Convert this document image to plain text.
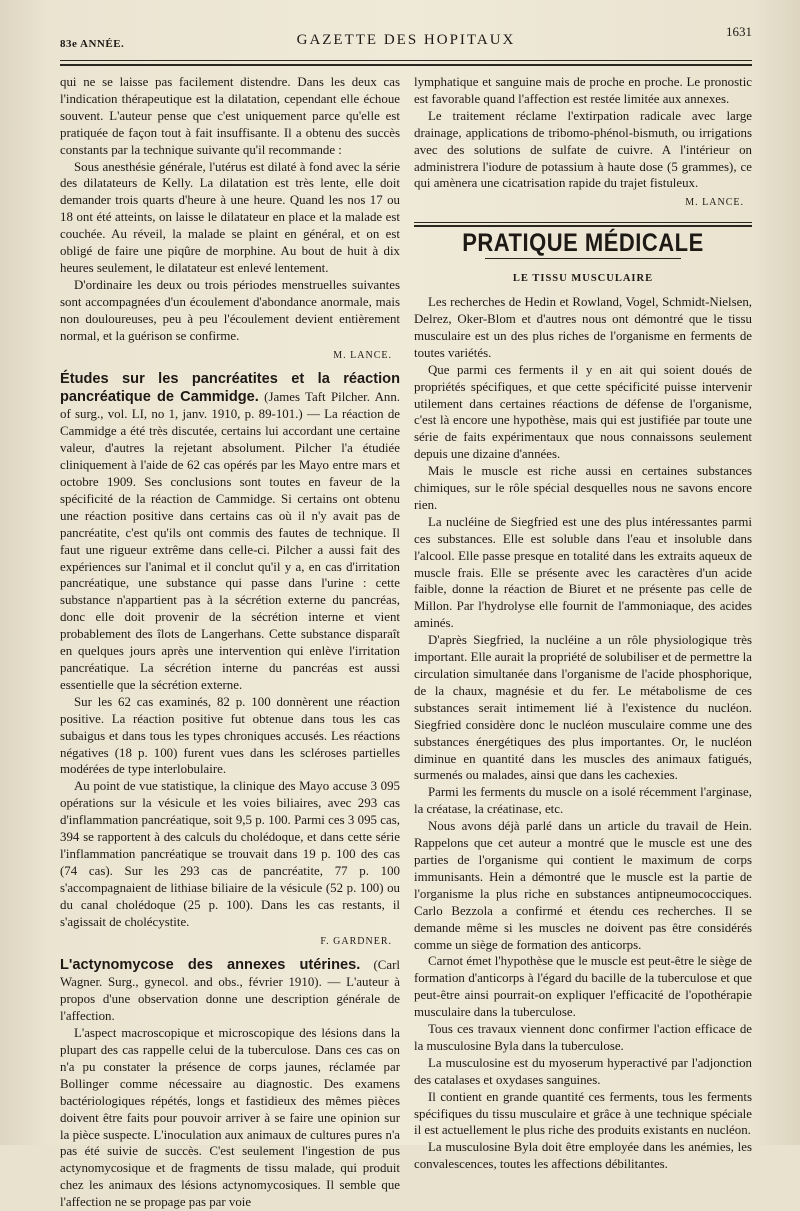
83e ANNÉE.	GAZETTE DES HOPITAUX
1631

qui ne se laisse pas facilement distendre. Dans les deux cas l'indication thérapeutique est la dilatation, cependant elle échoue souvent. L'auteur pense que c'est uniquement parce qu'elle est pratiquée de façon tout à fait insuffisante. Il a obtenu des succès constants par la technique suivante qu'il recommande :

Sous anesthésie générale, l'utérus est dilaté à fond avec la série des dilatateurs de Kelly. La dilatation est très lente, elle doit demander trois quarts d'heure à une heure. Quand les nos 17 ou 18 ont été atteints, on laisse le dilatateur en place et la malade est couchée. Au réveil, la malade se plaint en général, et on est obligé de faire une piqûre de morphine. Au bout de huit à dix heures seulement, le dilatateur est enlevé lentement.

D'ordinaire les deux ou trois périodes menstruelles suivantes sont accompagnées d'un écoulement d'abondance anormale, mais non douloureuses, peu à peu l'écoulement devient entièrement normal, et la guérison se confirme.

M. LANCE.

Études sur les pancréatites et la réaction pancréatique de Cammidge. (James Taft Pilcher. Ann. of surg., vol. LI, no 1, janv. 1910, p. 89-101.) — La réaction de Cammidge a été très discutée, certains lui accordant une certaine valeur, d'autres la rejetant absolument. Pilcher l'a étudiée cliniquement à l'aide de 62 cas opérés par les Mayo entre mars et octobre 1909. Ses conclusions sont toutes en faveur de la spécificité de la réaction de Cammidge. Si certains ont obtenu une réaction positive dans certains cas où il n'y avait pas de pancréatite, c'est qu'ils ont commis des fautes de technique. Il faut une rigueur extrême dans celle-ci. Pilcher a aussi fait des expériences sur l'animal et il conclut qu'il y a, en cas d'irritation pancréatique, une substance qui passe dans l'urine : cette substance n'appartient pas à la sécrétion externe du pancréas, donc elle doit provenir de la sécrétion interne et vient probablement des îlots de Langerhans. Cette substance disparaît en quelques jours après une intervention qui enlève l'irritation pancréatique. La sécrétion interne du pancréas est aussi essentielle que la sécrétion externe.

Sur les 62 cas examinés, 82 p. 100 donnèrent une réaction positive. La réaction positive fut obtenue dans tous les cas subaigus et dans tous les types chroniques accusés. Les réactions négatives (18 p. 100) furent vues dans les scléroses partielles modérées de type interlobulaire.

Au point de vue statistique, la clinique des Mayo accuse 3 095 opérations sur la vésicule et les voies biliaires, avec 293 cas d'inflammation pancréatique, soit 9,5 p. 100. Parmi ces 3 095 cas, 394 se rapportent à des calculs du cholédoque, et dans cette série l'inflammation pancréatique se trouvait dans 19 p. 100 des cas (74 cas). Sur les 293 cas de pancréatite, 77 p. 100 s'accompagnaient de lithiase biliaire de la vésicule (52 p. 100) ou du canal cholédoque (25 p. 100). Dans les cas restants, il s'agissait de cholécystite.

F. GARDNER.

L'actynomycose des annexes utérines. (Carl Wagner. Surg., gynecol. and obs., février 1910). — L'auteur à propos d'une observation donne une description générale de l'affection.

L'aspect macroscopique et microscopique des lésions dans la plupart des cas rappelle celui de la tuberculose. Dans ces cas on n'a pu constater la présence de corps jaunes, réclamée par Bollinger comme nécessaire au diagnostic. Des examens bactériologiques répétés, longs et fastidieux des mêmes pièces doivent être faits pour pouvoir arriver à se faire une opinion sur la pièce suspecte. L'inoculation aux animaux de cultures pures n'a pas été suivie de succès. C'est seulement l'ingestion de pus actynomycosique et de fragments de tissu malade, qui produit chez les animaux des lésions actynomycosiques. Il semble que l'affection ne se propage pas par voie

lymphatique et sanguine mais de proche en proche. Le pronostic est favorable quand l'affection est restée limitée aux annexes.

Le traitement réclame l'extirpation radicale avec large drainage, applications de tribomo-phénol-bismuth, ou irrigations avec des solutions de sulfate de cuivre. A l'intérieur on administrera l'iodure de potassium à haute dose (5 grammes), ce qui amènera une cicatrisation rapide du trajet fistuleux.

M. LANCE.

PRATIQUE MÉDICALE
LE TISSU MUSCULAIRE

Les recherches de Hedin et Rowland, Vogel, Schmidt-Nielsen, Delrez, Oker-Blom et d'autres nous ont démontré que le tissu musculaire est un des plus riches de l'organisme en ferments de toutes variétés.

Que parmi ces ferments il y en ait qui soient doués de propriétés spécifiques, et que cette spécificité puisse intervenir utilement dans certaines réactions de défense de l'organisme, c'est là encore une hypothèse, mais qui est justifiée par toute une série de faits expérimentaux que nous connaissons seulement depuis une dizaine d'années.

Mais le muscle est riche aussi en certaines substances chimiques, sur le rôle spécial desquelles nous ne savons encore rien.

La nucléine de Siegfried est une des plus intéressantes parmi ces substances. Elle est soluble dans l'eau et insoluble dans l'alcool. Elle passe presque en totalité dans les extraits aqueux de muscle frais. Elle se présente avec les caractères d'un acide faible, donne la réaction de Biuret et ne présente pas celle de Millon. Par l'hydrolyse elle fournit de l'ammoniaque, des acides aminés.

D'après Siegfried, la nucléine a un rôle physiologique très important. Elle aurait la propriété de solubiliser et de permettre la circulation simultanée dans l'organisme de l'acide phosphorique, de la chaux, magnésie et du fer. Le métabolisme de ces substances serait intimement lié à l'existence du nucléon. Siegfried considère donc le nucléon musculaire comme une des substances énergétiques des plus importantes. Or, le nucléon diminue en quantité dans les muscles des animaux fatigués, surmenés ou malades, ainsi que dans les cachexies.

Parmi les ferments du muscle on a isolé récemment l'arginase, la créatase, la créatinase, etc.

Nous avons déjà parlé dans un article du travail de Hein. Rappelons que cet auteur a montré que le muscle est une des parties de l'organisme qui contient le maximum de corps immunisants. Hein a démontré que le muscle est la partie de l'organisme la plus riche en substances antipneumococciques. Carlo Bezzola a confirmé et étendu ces recherches. Il se demande même si les muscles ne doivent pas être considérés comme un siège de formation des anticorps.

Carnot émet l'hypothèse que le muscle est peut-être le siège de formation d'anticorps à l'égard du bacille de la tuberculose et que peut-être ainsi pourrait-on expliquer l'efficacité de l'opothérapie musculaire dans la tuberculose.

Tous ces travaux viennent donc confirmer l'action efficace de la musculosine Byla dans la tuberculose.

La musculosine est du myoserum hyperactivé par l'adjonction des catalases et oxydases sanguines.

Il contient en grande quantité ces ferments, tous les ferments spécifiques du tissu musculaire et grâce à une technique spéciale il est actuellement le plus riche des produits existants en nucléon.

La musculosine Byla doit être employée dans les anémies, les convalescences, toutes les affections débilitantes.
